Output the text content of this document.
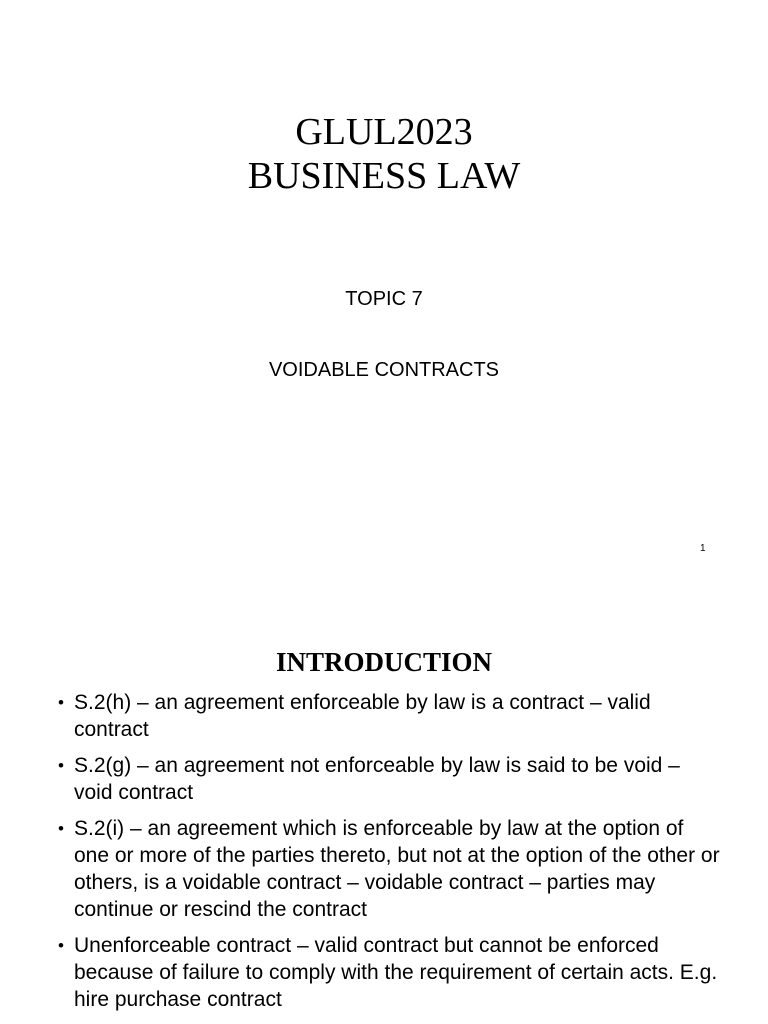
GLUL2023
BUSINESS LAW
TOPIC 7
VOIDABLE CONTRACTS
1
INTRODUCTION
• S.2(h) – an agreement enforceable by law is a contract – valid contract
• S.2(g) – an agreement not enforceable by law is said to be void – void contract
• S.2(i) – an agreement which is enforceable by law at the option of one or more of the parties thereto, but not at the option of the other or others, is a voidable contract – voidable contract – parties may continue or rescind the contract
• Unenforceable contract – valid contract but cannot be enforced because of failure to comply with the requirement of certain acts. E.g. hire purchase contract
